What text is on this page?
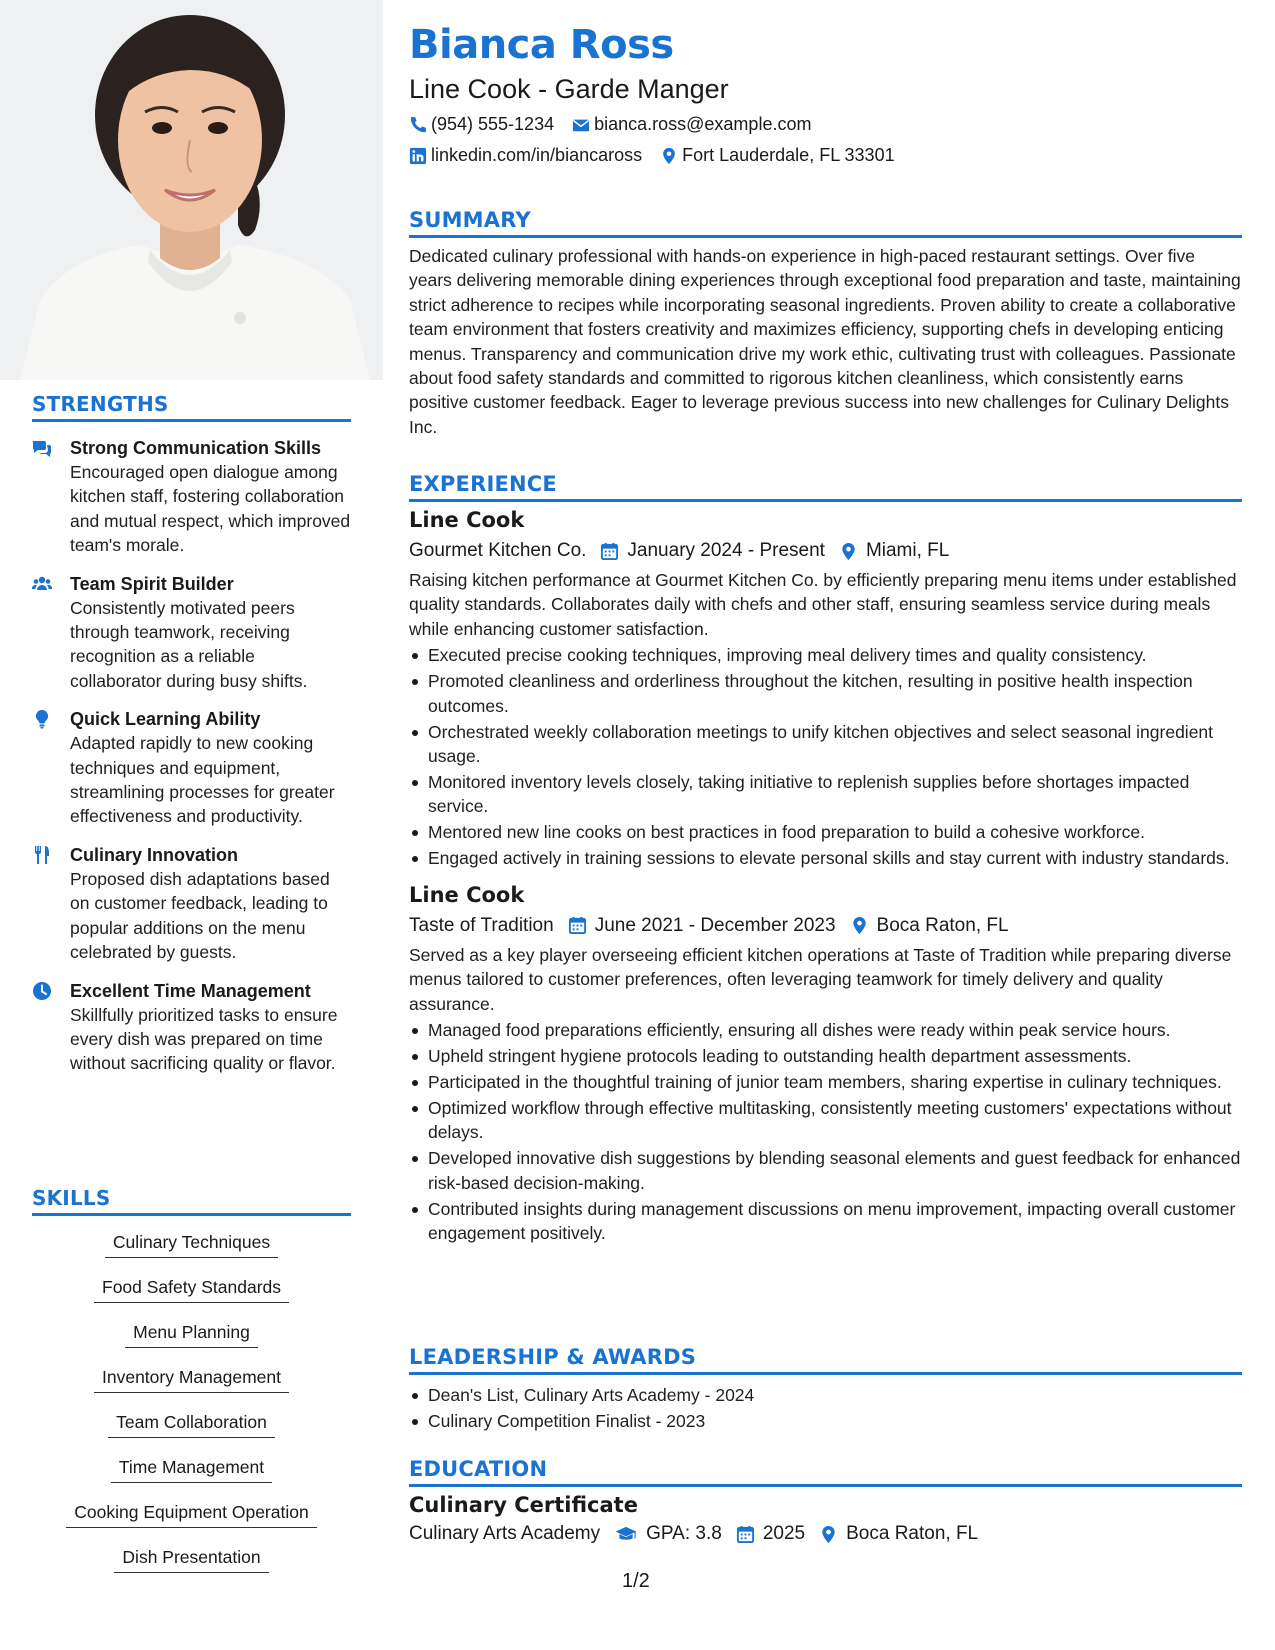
STRENGTHS
Strong Communication Skills
Encouraged open dialogue among kitchen staff, fostering collaboration and mutual respect, which improved team's morale.
Team Spirit Builder
Consistently motivated peers through teamwork, receiving recognition as a reliable collaborator during busy shifts.
Quick Learning Ability
Adapted rapidly to new cooking techniques and equipment, streamlining processes for greater effectiveness and productivity.
Culinary Innovation
Proposed dish adaptations based on customer feedback, leading to popular additions on the menu celebrated by guests.
Excellent Time Management
Skillfully prioritized tasks to ensure every dish was prepared on time without sacrificing quality or flavor.
SKILLS
Culinary Techniques
Food Safety Standards
Menu Planning
Inventory Management
Team Collaboration
Time Management
Cooking Equipment Operation
Dish Presentation
Bianca Ross
Line Cook - Garde Manger
(954) 555-1234 bianca.ross@example.com
linkedin.com/in/biancaross Fort Lauderdale, FL 33301
SUMMARY
Dedicated culinary professional with hands-on experience in high-paced restaurant settings. Over five years delivering memorable dining experiences through exceptional food preparation and taste, maintaining strict adherence to recipes while incorporating seasonal ingredients. Proven ability to create a collaborative team environment that fosters creativity and maximizes efficiency, supporting chefs in developing enticing menus. Transparency and communication drive my work ethic, cultivating trust with colleagues. Passionate about food safety standards and committed to rigorous kitchen cleanliness, which consistently earns positive customer feedback. Eager to leverage previous success into new challenges for Culinary Delights Inc.
EXPERIENCE
Line Cook
Gourmet Kitchen Co. January 2024 - Present Miami, FL
Raising kitchen performance at Gourmet Kitchen Co. by efficiently preparing menu items under established quality standards. Collaborates daily with chefs and other staff, ensuring seamless service during meals while enhancing customer satisfaction.
Executed precise cooking techniques, improving meal delivery times and quality consistency.
Promoted cleanliness and orderliness throughout the kitchen, resulting in positive health inspection outcomes.
Orchestrated weekly collaboration meetings to unify kitchen objectives and select seasonal ingredient usage.
Monitored inventory levels closely, taking initiative to replenish supplies before shortages impacted service.
Mentored new line cooks on best practices in food preparation to build a cohesive workforce.
Engaged actively in training sessions to elevate personal skills and stay current with industry standards.
Line Cook
Taste of Tradition June 2021 - December 2023 Boca Raton, FL
Served as a key player overseeing efficient kitchen operations at Taste of Tradition while preparing diverse menus tailored to customer preferences, often leveraging teamwork for timely delivery and quality assurance.
Managed food preparations efficiently, ensuring all dishes were ready within peak service hours.
Upheld stringent hygiene protocols leading to outstanding health department assessments.
Participated in the thoughtful training of junior team members, sharing expertise in culinary techniques.
Optimized workflow through effective multitasking, consistently meeting customers' expectations without delays.
Developed innovative dish suggestions by blending seasonal elements and guest feedback for enhanced risk-based decision-making.
Contributed insights during management discussions on menu improvement, impacting overall customer engagement positively.
LEADERSHIP & AWARDS
Dean's List, Culinary Arts Academy - 2024
Culinary Competition Finalist - 2023
EDUCATION
Culinary Certificate
Culinary Arts Academy GPA: 3.8 2025 Boca Raton, FL
1/2
